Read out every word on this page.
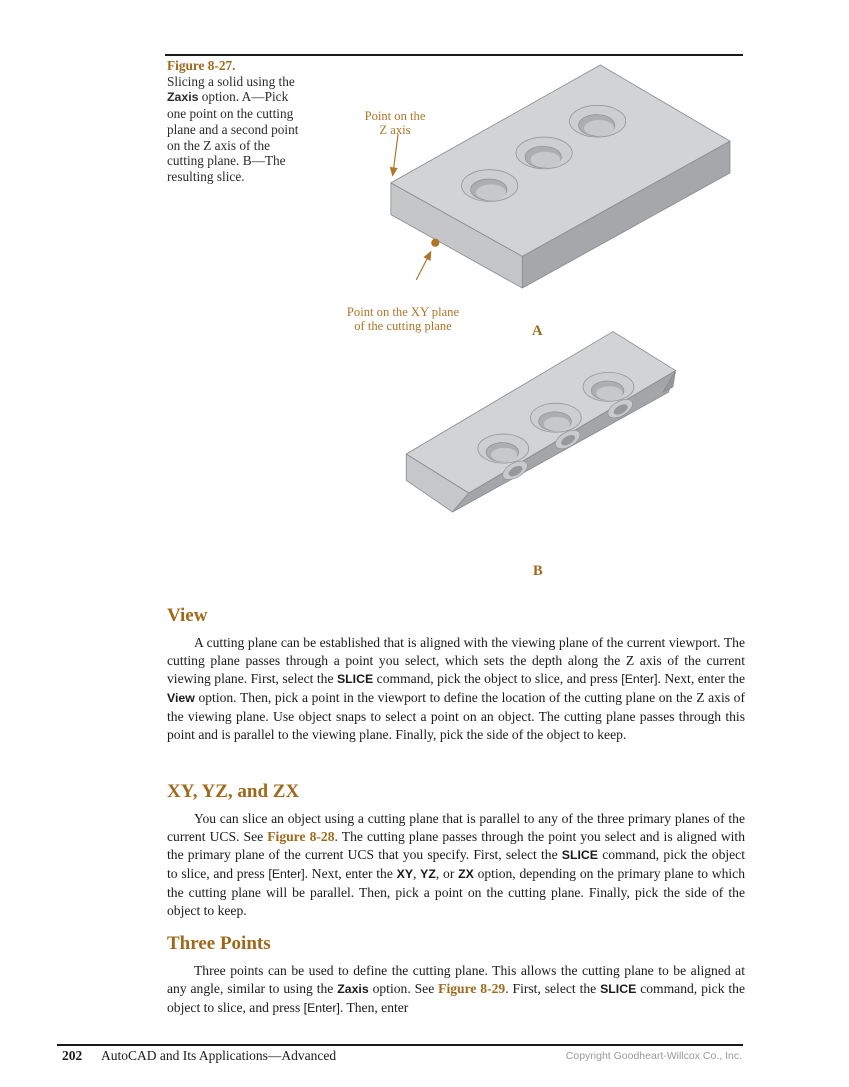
Figure 8-27.
Slicing a solid using the Zaxis option. A—Pick one point on the cutting plane and a second point on the Z axis of the cutting plane. B—The resulting slice.
Point on the
Z axis
Point on the XY plane
of the cutting plane	A
B
View

A cutting plane can be established that is aligned with the viewing plane of the current viewport. The cutting plane passes through a point you select, which sets the depth along the Z axis of the current viewing plane. First, select the SLICE command, pick the object to slice, and press [Enter]. Next, enter the View option. Then, pick a point in the viewport to define the location of the cutting plane on the Z axis of the viewing plane. Use object snaps to select a point on an object. The cutting plane passes through this point and is parallel to the viewing plane. Finally, pick the side of the object to keep.

XY, YZ, and ZX

You can slice an object using a cutting plane that is parallel to any of the three primary planes of the current UCS. See Figure 8-28. The cutting plane passes through the point you select and is aligned with the primary plane of the current UCS that you specify. First, select the SLICE command, pick the object to slice, and press [Enter]. Next, enter the XY, YZ, or ZX option, depending on the primary plane to which the cutting plane will be parallel. Then, pick a point on the cutting plane. Finally, pick the side of the object to keep.

Three Points

Three points can be used to define the cutting plane. This allows the cutting plane to be aligned at any angle, similar to using the Zaxis option. See Figure 8-29. First, select the SLICE command, pick the object to slice, and press [Enter]. Then, enter

202 AutoCAD and Its Applications—Advanced	Copyright Goodheart-Willcox Co., Inc.
